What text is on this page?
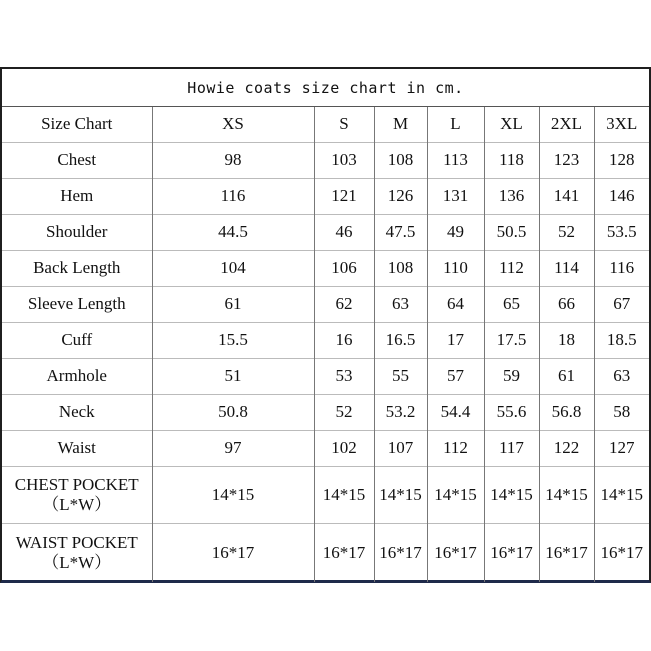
Howie coats size chart in cm.
Size Chart	XS	S	M	L	XL	2XL	3XL
Chest	98	103	108	113	118	123	128
Hem	116	121	126	131	136	141	146
Shoulder	44.5	46	47.5	49	50.5	52	53.5
Back Length	104	106	108	110	112	114	116
Sleeve Length	61	62	63	64	65	66	67
Cuff	15.5	16	16.5	17	17.5	18	18.5
Armhole	51	53	55	57	59	61	63
Neck	50.8	52	53.2	54.4	55.6	56.8	58
Waist	97	102	107	112	117	122	127
CHEST POCKET
（L*W）	14*15	14*15	14*15	14*15	14*15	14*15	14*15
WAIST POCKET
（L*W）	16*17	16*17	16*17	16*17	16*17	16*17	16*17
